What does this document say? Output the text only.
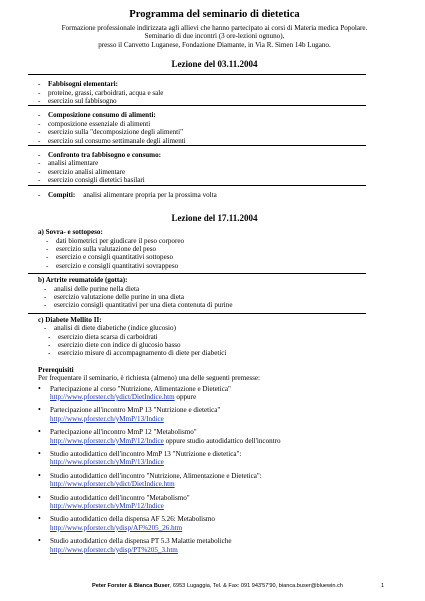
Programma del seminario di dietetica
Formazione professionale indirizzata agli allievi che hanno partecipato ai corsi di Materia medica Popolare.
Seminario di due incontri (3 ore-lezioni ognuno),
presso il Canvetto Luganese, Fondazione Diamante, in Via R. Simen 14b Lugano.
Lezione del 03.11.2004
-	Fabbisogni elementari:
-	proteine, grassi, carboidrati, acqua e sale
-	esercizio sul fabbisogno
-	Composizione consumo di alimenti:
-	composizione essenziale di alimenti
-	esercizio sulla "decomposizione degli alimenti"
-	esercizio sul consumo settimanale degli alimenti
-	Confronto tra fabbisogno e consumo:
-	analisi alimentare
-	esercizio analisi alimentare
-	esercizio consigli dietetici basilari
-	Compiti: analisi alimentare propria per la prossima volta
Lezione del 17.11.2004
a) Sovra- e sottopeso:
-	dati biometrici per giudicare il peso corporeo
-	esercizio sulla valutazione del peso
-	esercizio e consigli quantitativi sottopeso
-	esercizio e consigli quantitativi sovrappeso
b) Artrite reumatoide (gotta):
-	analisi delle purine nella dieta
-	esercizio valutazione delle purine in una dieta
-	esercizio consigli quantitativi per una dieta contenuta di purine
c) Diabete Mellito II:
-	analisi di diete diabetiche (indice glucosio)
-	esercizio dieta scarsa di carboidrati
-	esercizio diete con indice di glucosio basso
-	esercizio misure di accompagnamento di diete per diabetici
Prerequisiti
Per frequentare il seminario, è richiesta (almeno) una delle seguenti premesse:
•	Partecipazione al corso "Nutrizione, Alimentazione e Dietetica"
http://www.pforster.ch/ydict/DietIndice.htm oppure
•	Partecipazione all'incontro MmP 13 "Nutrizione e dietetica"
http://www.pforster.ch/yMmP/13/Indice
•	Partecipazione all'incontro MmP 12 "Metabolismo"
http://www.pforster.ch/yMmP/12/Indice oppure studio autodidattico dell'incontro
•	Studio autodidattico dell'incontro MmP 13 "Nutrizione e dietetica":
http://www.pforster.ch/yMmP/13/Indice
•	Studio autodidattico dell'incontro "Nutrizione, Alimentazione e Dietetica":
http://www.pforster.ch/ydict/DietIndice.htm
•	Studio autodidattico dell'incontro "Metabolismo"
http://www.pforster.ch/yMmP/12/Indice
•	Studio autodidattico della dispensa AF 5.26: Metabolismo
http://www.pforster.ch/ydisp/AF%205_26.htm
•	Studio autodidattico della dispensa PT 5.3 Malattie metaboliche
http://www.pforster.ch/ydisp/PT%205_3.htm
Peter Forster & Bianca Buser, 6953 Lugaggia, Tel. & Fax: 091 943'57'90, bianca.buser@bluewin.ch	1
